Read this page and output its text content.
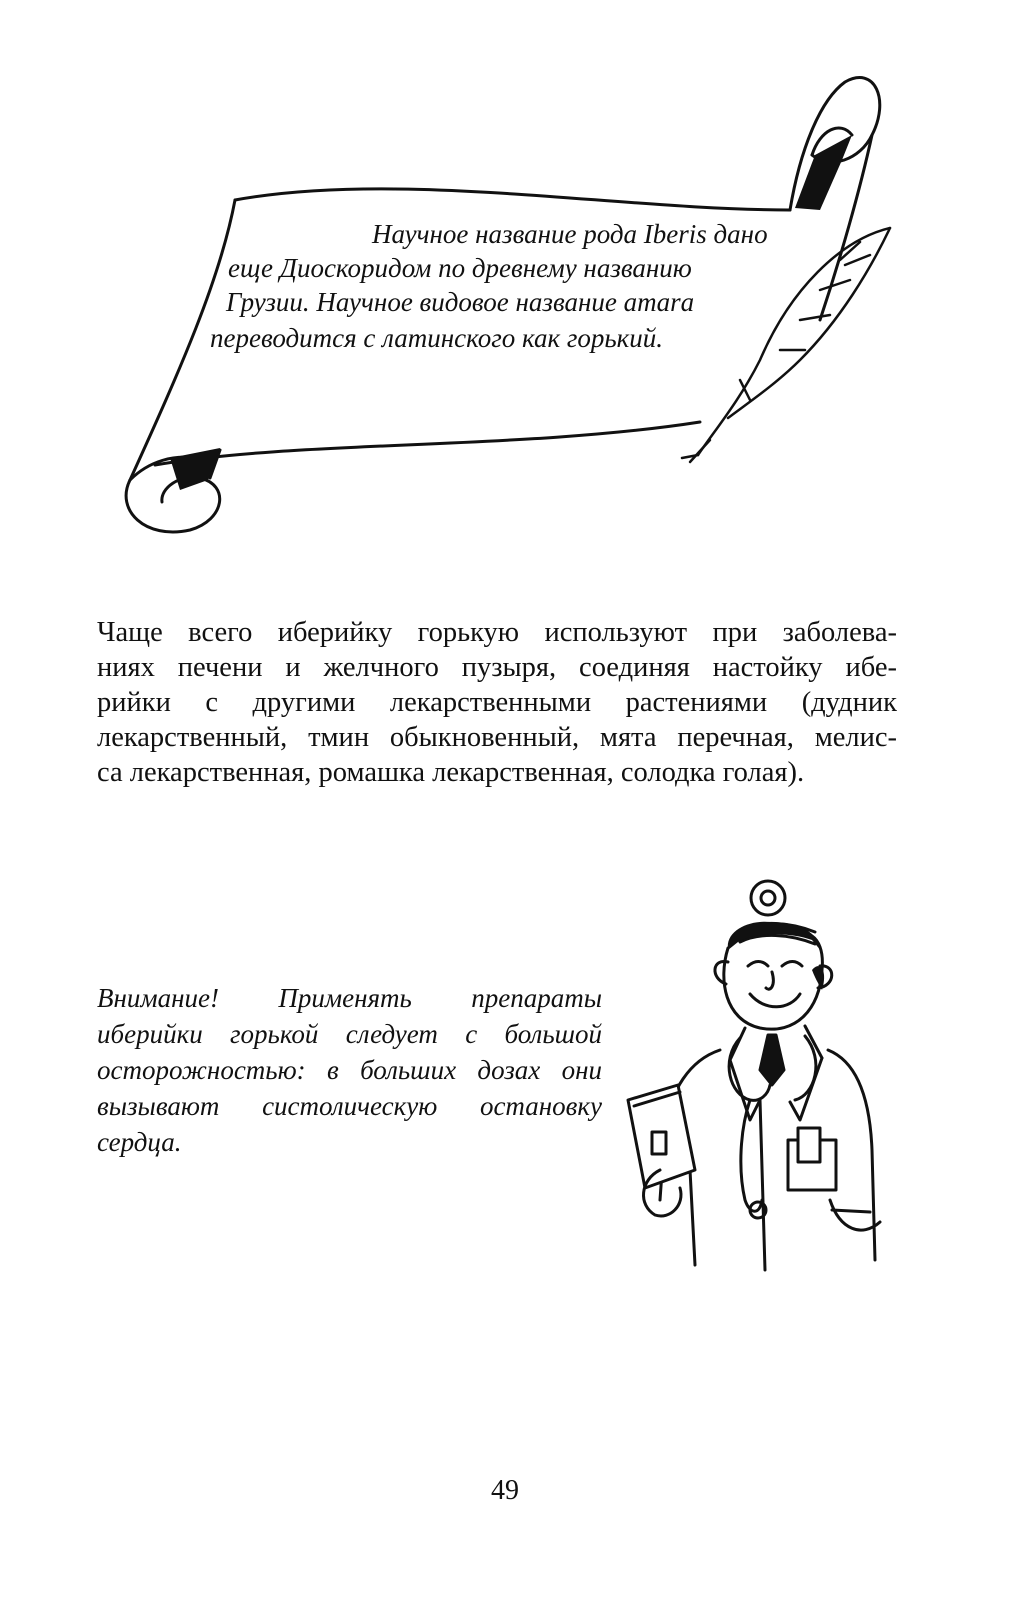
Научное название рода Iberis дано
еще Диоскоридом по древнему названию
Грузии. Научное видовое название amara
переводится с латинского как горький.
Чаще всего иберийку горькую используют при заболева-
ниях печени и желчного пузыря, соединяя настойку ибе-
рийки с другими лекарственными растениями (дудник
лекарственный, тмин обыкновенный, мята перечная, мелис-
са лекарственная, ромашка лекарственная, солодка голая).
Внимание! Применять препараты
иберийки горькой следует с большой
осторожностью: в больших дозах они
вызывают систолическую остановку
сердца.
49
